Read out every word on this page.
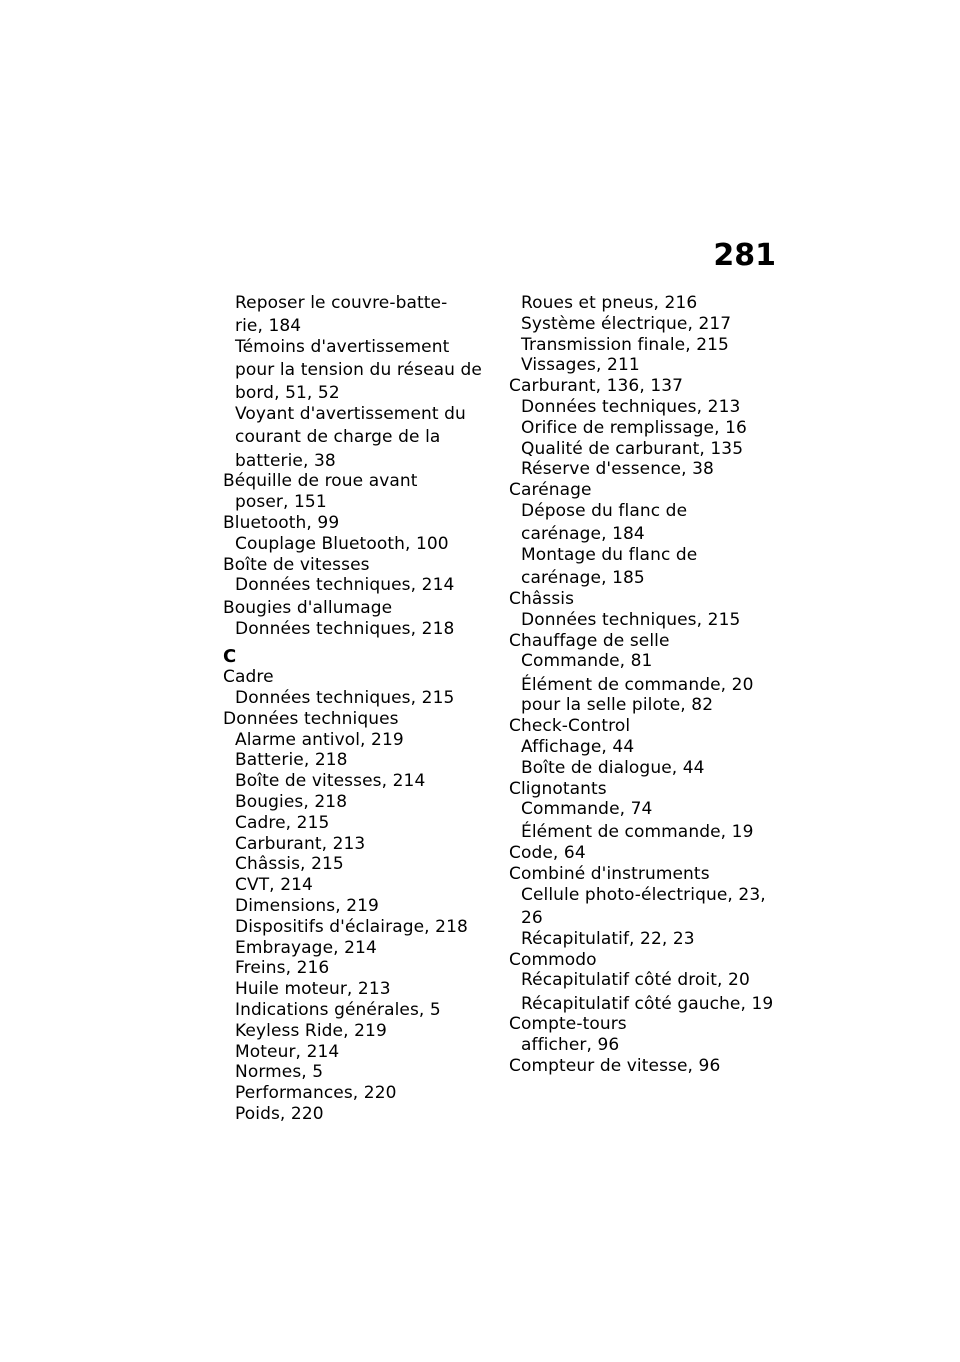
281
Reposer le couvre-batte-
rie, 184
Témoins d'avertissement
pour la tension du réseau de
bord, 51, 52
Voyant d'avertissement du
courant de charge de la
batterie, 38
Béquille de roue avant
poser, 151
Bluetooth, 99
Couplage Bluetooth, 100
Boîte de vitesses
Données techniques, 214
Bougies d'allumage
Données techniques, 218
C
Cadre
Données techniques, 215
Données techniques
Alarme antivol, 219
Batterie, 218
Boîte de vitesses, 214
Bougies, 218
Cadre, 215
Carburant, 213
Châssis, 215
CVT, 214
Dimensions, 219
Dispositifs d'éclairage, 218
Embrayage, 214
Freins, 216
Huile moteur, 213
Indications générales, 5
Keyless Ride, 219
Moteur, 214
Normes, 5
Performances, 220
Poids, 220
Roues et pneus, 216
Système électrique, 217
Transmission finale, 215
Vissages, 211
Carburant, 136, 137
Données techniques, 213
Orifice de remplissage, 16
Qualité de carburant, 135
Réserve d'essence, 38
Carénage
Dépose du flanc de
carénage, 184
Montage du flanc de
carénage, 185
Châssis
Données techniques, 215
Chauffage de selle
Commande, 81
Élément de commande, 20
pour la selle pilote, 82
Check-Control
Affichage, 44
Boîte de dialogue, 44
Clignotants
Commande, 74
Élément de commande, 19
Code, 64
Combiné d'instruments
Cellule photo-électrique, 23,
26
Récapitulatif, 22, 23
Commodo
Récapitulatif côté droit, 20
Récapitulatif côté gauche, 19
Compte-tours
afficher, 96
Compteur de vitesse, 96
